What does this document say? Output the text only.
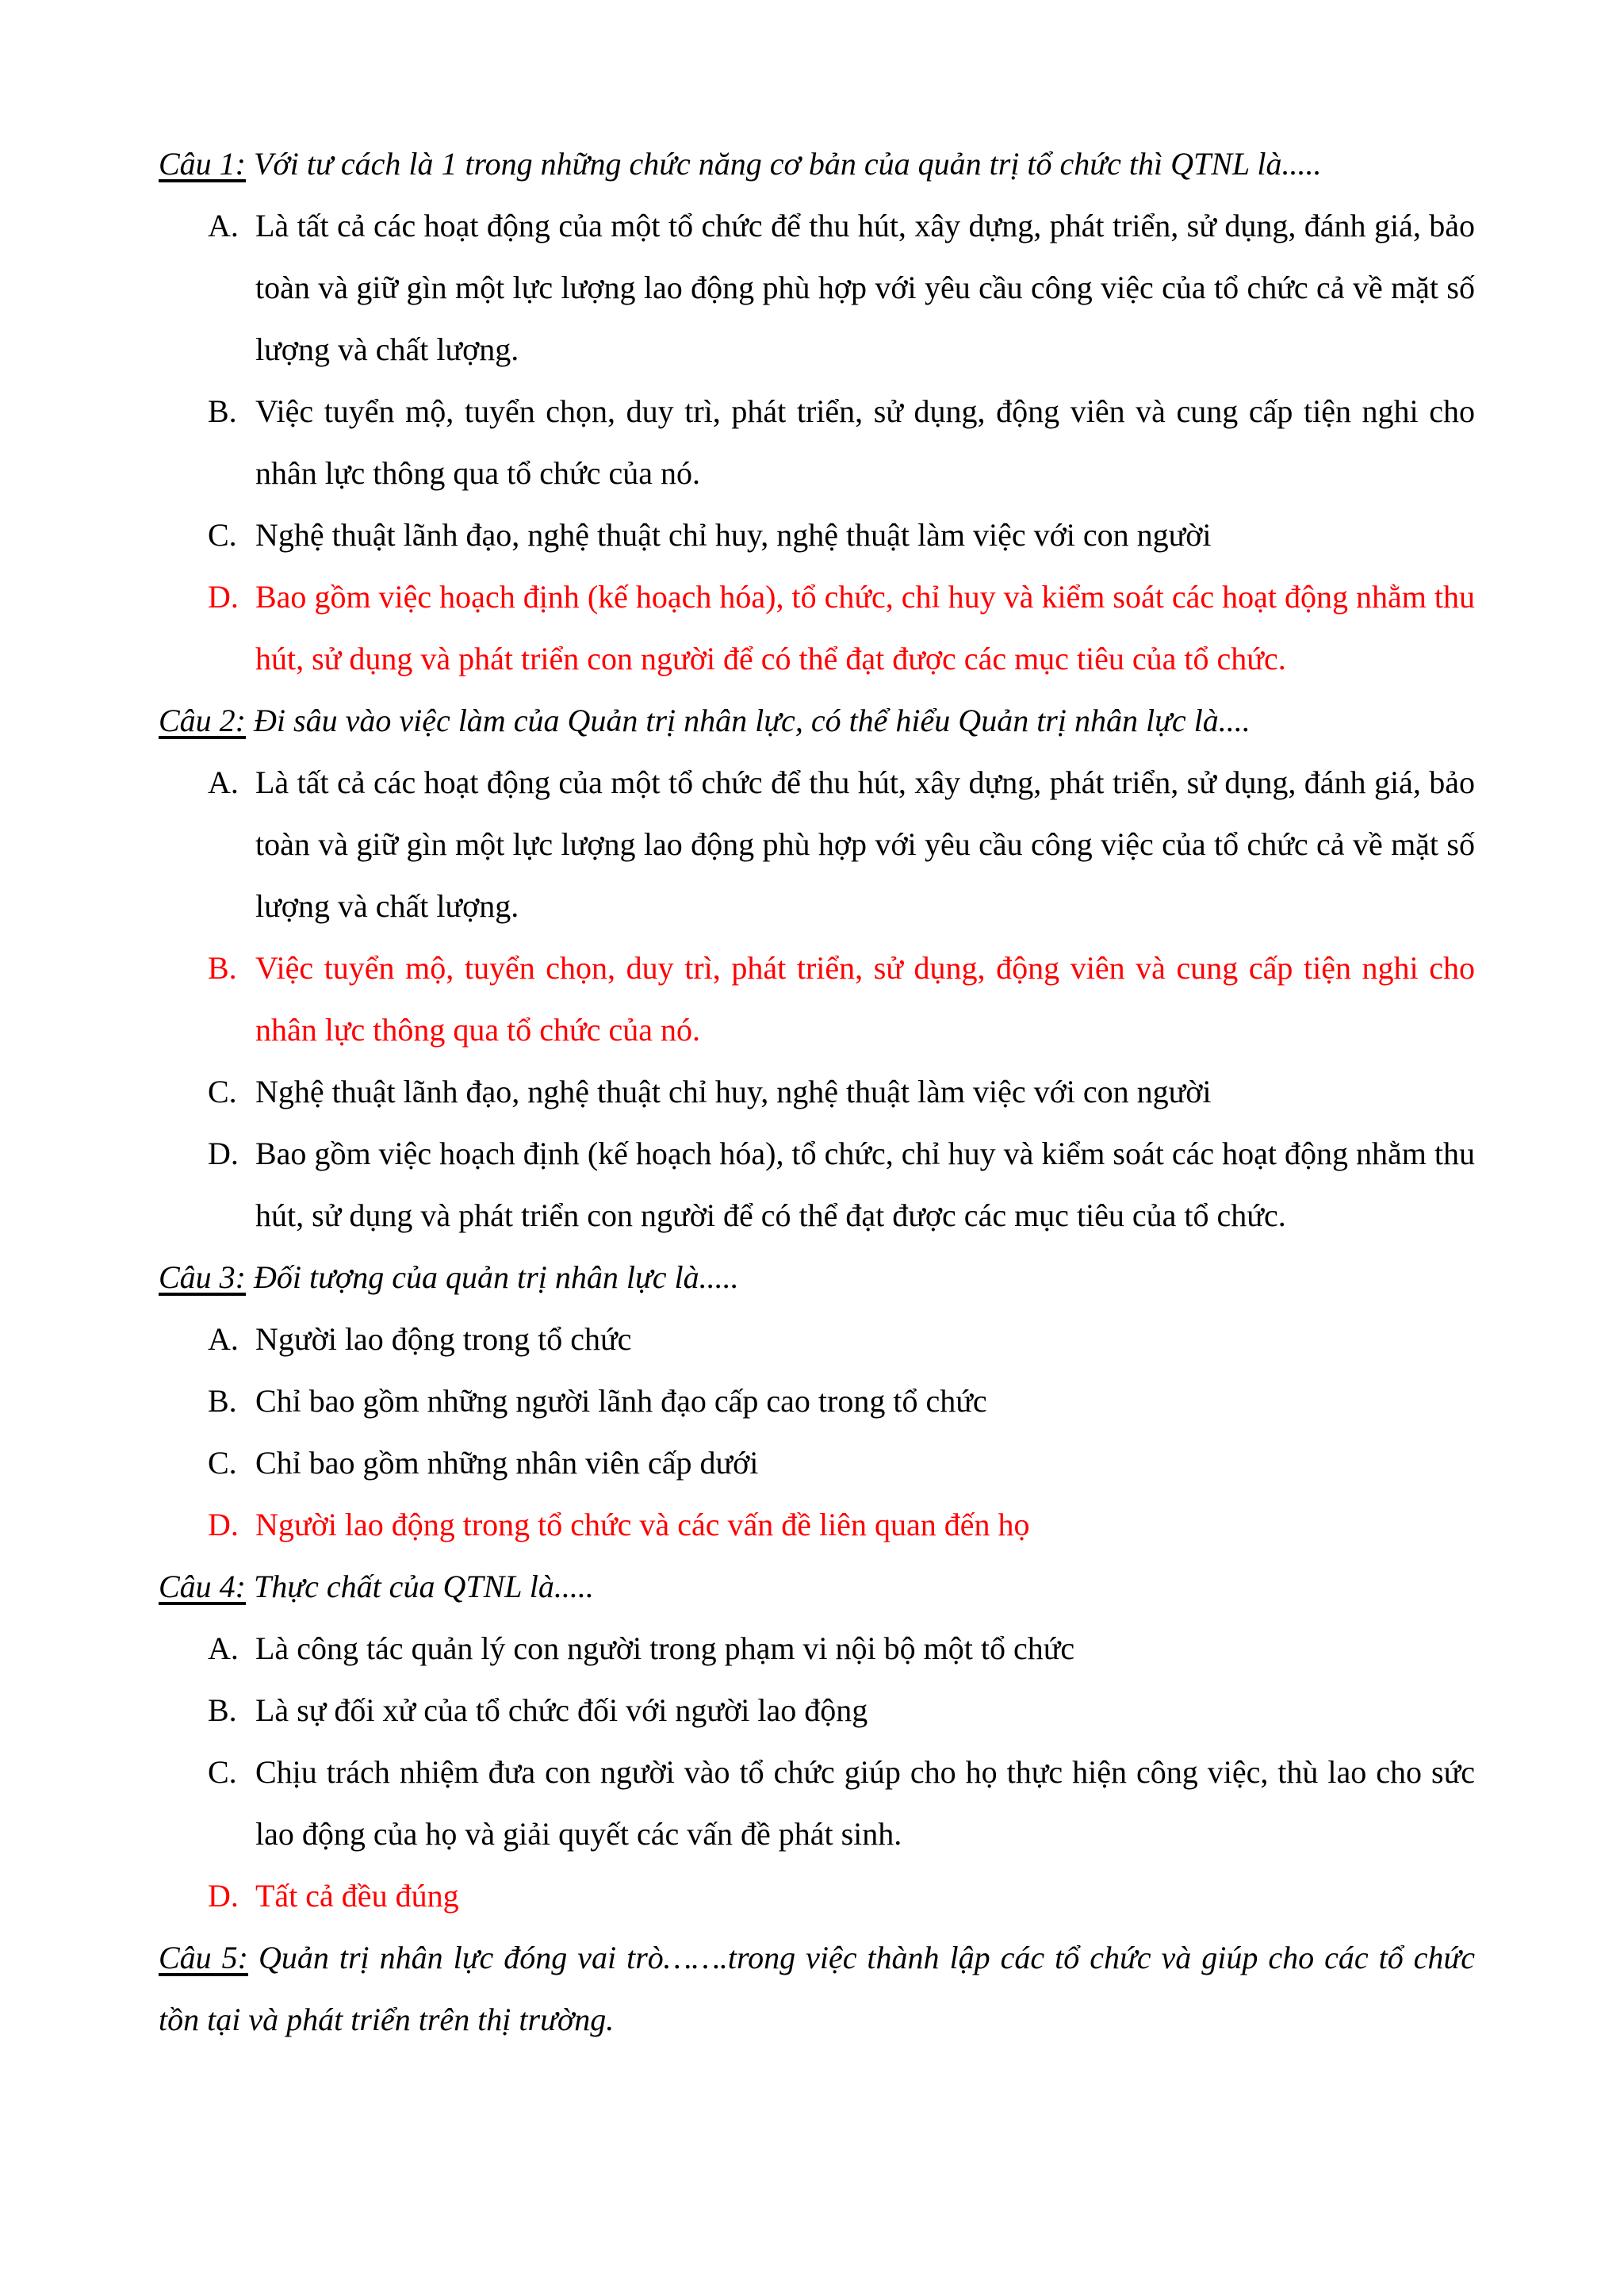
Câu 1: Với tư cách là 1 trong những chức năng cơ bản của quản trị tổ chức thì QTNL là.....

A. Là tất cả các hoạt động của một tổ chức để thu hút, xây dựng, phát triển, sử dụng, đánh giá, bảo toàn và giữ gìn một lực lượng lao động phù hợp với yêu cầu công việc của tổ chức cả về mặt số lượng và chất lượng.

B. Việc tuyển mộ, tuyển chọn, duy trì, phát triển, sử dụng, động viên và cung cấp tiện nghi cho nhân lực thông qua tổ chức của nó.

C. Nghệ thuật lãnh đạo, nghệ thuật chỉ huy, nghệ thuật làm việc với con người

D. Bao gồm việc hoạch định (kế hoạch hóa), tổ chức, chỉ huy và kiểm soát các hoạt động nhằm thu hút, sử dụng và phát triển con người để có thể đạt được các mục tiêu của tổ chức.

Câu 2: Đi sâu vào việc làm của Quản trị nhân lực, có thể hiểu Quản trị nhân lực là....

A. Là tất cả các hoạt động của một tổ chức để thu hút, xây dựng, phát triển, sử dụng, đánh giá, bảo toàn và giữ gìn một lực lượng lao động phù hợp với yêu cầu công việc của tổ chức cả về mặt số lượng và chất lượng.

B. Việc tuyển mộ, tuyển chọn, duy trì, phát triển, sử dụng, động viên và cung cấp tiện nghi cho nhân lực thông qua tổ chức của nó.

C. Nghệ thuật lãnh đạo, nghệ thuật chỉ huy, nghệ thuật làm việc với con người

D. Bao gồm việc hoạch định (kế hoạch hóa), tổ chức, chỉ huy và kiểm soát các hoạt động nhằm thu hút, sử dụng và phát triển con người để có thể đạt được các mục tiêu của tổ chức.

Câu 3: Đối tượng của quản trị nhân lực là.....

A. Người lao động trong tổ chức

B. Chỉ bao gồm những người lãnh đạo cấp cao trong tổ chức

C. Chỉ bao gồm những nhân viên cấp dưới

D. Người lao động trong tổ chức và các vấn đề liên quan đến họ

Câu 4: Thực chất của QTNL là.....

A. Là công tác quản lý con người trong phạm vi nội bộ một tổ chức

B. Là sự đối xử của tổ chức đối với người lao động

C. Chịu trách nhiệm đưa con người vào tổ chức giúp cho họ thực hiện công việc, thù lao cho sức lao động của họ và giải quyết các vấn đề phát sinh.

D. Tất cả đều đúng

Câu 5: Quản trị nhân lực đóng vai trò…….trong việc thành lập các tổ chức và giúp cho các tổ chức tồn tại và phát triển trên thị trường.
